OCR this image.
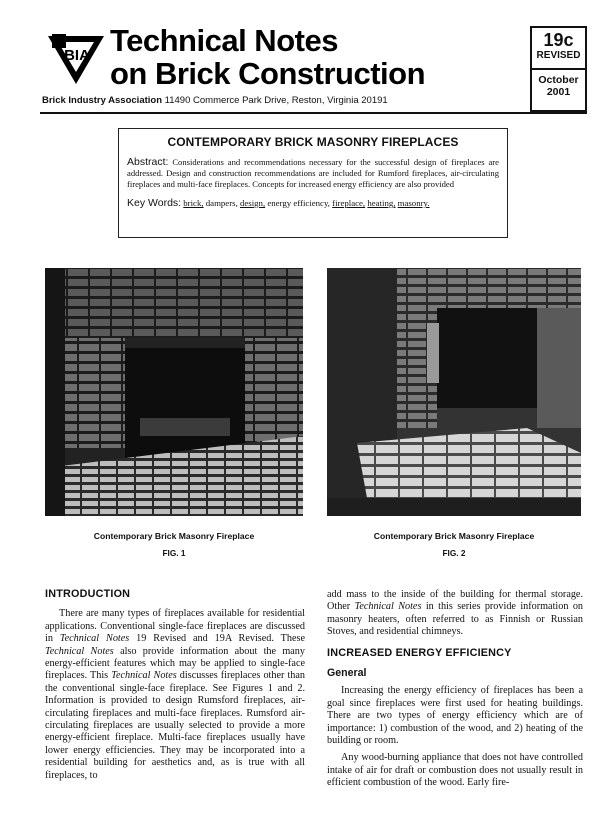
BIA Technical Notes
on Brick Construction
Brick Industry Association 11490 Commerce Park Drive, Reston, Virginia 20191
19c
REVISED
October
2001
CONTEMPORARY BRICK MASONRY FIREPLACES
Abstract: Considerations and recommendations necessary for the successful design of fireplaces are addressed. Design and construction recommendations are included for Rumford fireplaces, air-circulating fireplaces and multi-face fireplaces. Concepts for increased energy efficiency are also provided
Key Words: brick, dampers, design, energy efficiency, fireplace, heating, masonry.
Contemporary Brick Masonry Fireplace
FIG. 1
Contemporary Brick Masonry Fireplace
FIG. 2
INTRODUCTION

There are many types of fireplaces available for residential applications. Conventional single-face fireplaces are discussed in Technical Notes 19 Revised and 19A Revised. These Technical Notes also provide information about the many energy-efficient features which may be applied to single-face fireplaces. This Technical Notes discusses fireplaces other than the conventional single-face fireplace. See Figures 1 and 2. Information is provided to design Rumsford fireplaces, air-circulating fireplaces and multi-face fireplaces. Rumsford air-circulating fireplaces are usually selected to provide a more energy-efficient fireplace. Multi-face fireplaces usually have lower energy efficiencies. They may be incorporated into a residential building for aesthetics and, as is true with all fireplaces, to

add mass to the inside of the building for thermal storage. Other Technical Notes in this series provide information on masonry heaters, often referred to as Finnish or Russian Stoves, and residential chimneys.

INCREASED ENERGY EFFICIENCY
General

Increasing the energy efficiency of fireplaces has been a goal since fireplaces were first used for heating buildings. There are two types of energy efficiency which are of importance: 1) combustion of the wood, and 2) heating of the building or room.

Any wood-burning appliance that does not have controlled intake of air for draft or combustion does not usually result in efficient combustion of the wood. Early fire-
